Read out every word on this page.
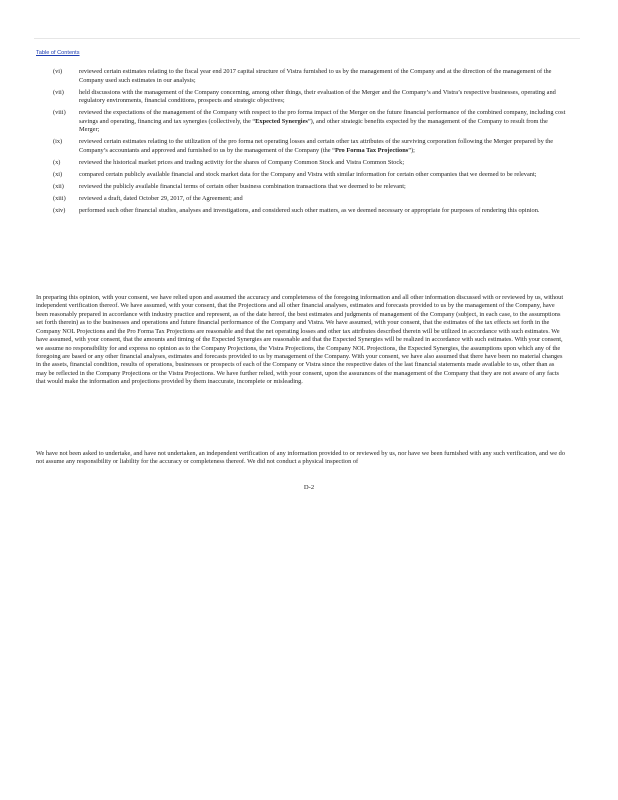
Table of Contents
(vi)	reviewed certain estimates relating to the fiscal year end 2017 capital structure of Vistra furnished to us by the management of the Company and at the direction of the management of the Company used such estimates in our analysis;
(vii)	held discussions with the management of the Company concerning, among other things, their evaluation of the Merger and the Company’s and Vistra’s respective businesses, operating and regulatory environments, financial conditions, prospects and strategic objectives;
(viii)	reviewed the expectations of the management of the Company with respect to the pro forma impact of the Merger on the future financial performance of the combined company, including cost savings and operating, financing and tax synergies (collectively, the “Expected Synergies”), and other strategic benefits expected by the management of the Company to result from the Merger;
(ix)	reviewed certain estimates relating to the utilization of the pro forma net operating losses and certain other tax attributes of the surviving corporation following the Merger prepared by the Company’s accountants and approved and furnished to us by the management of the Company (the “Pro Forma Tax Projections”);
(x)	reviewed the historical market prices and trading activity for the shares of Company Common Stock and Vistra Common Stock;
(xi)	compared certain publicly available financial and stock market data for the Company and Vistra with similar information for certain other companies that we deemed to be relevant;
(xii)	reviewed the publicly available financial terms of certain other business combination transactions that we deemed to be relevant;
(xiii)	reviewed a draft, dated October 29, 2017, of the Agreement; and
(xiv)	performed such other financial studies, analyses and investigations, and considered such other matters, as we deemed necessary or appropriate for purposes of rendering this opinion.
In preparing this opinion, with your consent, we have relied upon and assumed the accuracy and completeness of the foregoing information and all other information discussed with or reviewed by us, without independent verification thereof. We have assumed, with your consent, that the Projections and all other financial analyses, estimates and forecasts provided to us by the management of the Company, have been reasonably prepared in accordance with industry practice and represent, as of the date hereof, the best estimates and judgments of management of the Company (subject, in each case, to the assumptions set forth therein) as to the businesses and operations and future financial performance of the Company and Vistra. We have assumed, with your consent, that the estimates of the tax effects set forth in the Company NOL Projections and the Pro Forma Tax Projections are reasonable and that the net operating losses and other tax attributes described therein will be utilized in accordance with such estimates. We have assumed, with your consent, that the amounts and timing of the Expected Synergies are reasonable and that the Expected Synergies will be realized in accordance with such estimates. With your consent, we assume no responsibility for and express no opinion as to the Company Projections, the Vistra Projections, the Company NOL Projections, the Expected Synergies, the assumptions upon which any of the foregoing are based or any other financial analyses, estimates and forecasts provided to us by management of the Company. With your consent, we have also assumed that there have been no material changes in the assets, financial condition, results of operations, businesses or prospects of each of the Company or Vistra since the respective dates of the last financial statements made available to us, other than as may be reflected in the Company Projections or the Vistra Projections. We have further relied, with your consent, upon the assurances of the management of the Company that they are not aware of any facts that would make the information and projections provided by them inaccurate, incomplete or misleading.
We have not been asked to undertake, and have not undertaken, an independent verification of any information provided to or reviewed by us, nor have we been furnished with any such verification, and we do not assume any responsibility or liability for the accuracy or completeness thereof. We did not conduct a physical inspection of
D-2
